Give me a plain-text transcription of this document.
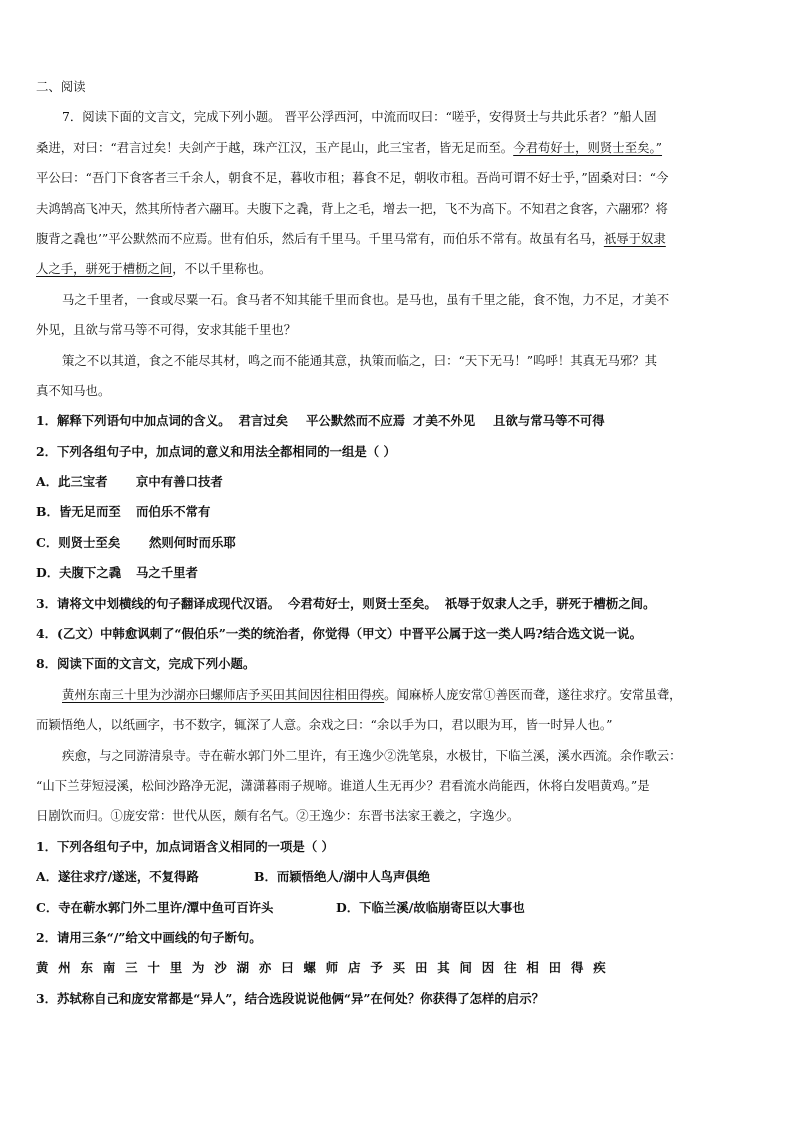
二、阅读
7．阅读下面的文言文，完成下列小题。 晋平公浮西河，中流而叹曰：“嗟乎，安得贤士与共此乐者？”船人固
桑进，对曰：“君言过矣！夫剑产于越，珠产江汉，玉产昆山，此三宝者，皆无足而至。今君苟好士，则贤士至矣。”
平公曰：“吾门下食客者三千余人，朝食不足，暮收市租；暮食不足，朝收市租。吾尚可谓不好士乎，”固桑对曰：“今
夫鸿鹄高飞冲天，然其所恃者六翮耳。夫腹下之毳，背上之毛，增去一把，飞不为高下。不知君之食客，六翮邪？将
腹背之毳也’”平公默然而不应焉。世有伯乐，然后有千里马。千里马常有，而伯乐不常有。故虽有名马，祇辱于奴隶
人之手，骈死于槽枥之间，不以千里称也。
马之千里者，一食或尽粟一石。食马者不知其能千里而食也。是马也，虽有千里之能，食不饱，力不足，才美不
外见，且欲与常马等不可得，安求其能千里也？
策之不以其道，食之不能尽其材，鸣之而不能通其意，执策而临之，曰：“天下无马！”呜呼！其真无马邪？其
真不知马也。
1．解释下列语句中加点词的含义。 君言过矣 平公默然而不应焉 才美不外见 且欲与常马等不可得
2．下列各组句子中，加点词的意义和用法全都相同的一组是（ ）
A．此三宝者 京中有善口技者
B．皆无足而至 而伯乐不常有
C．则贤士至矣 然则何时而乐耶
D．夫腹下之毳 马之千里者
3．请将文中划横线的句子翻译成现代汉语。 今君苟好士，则贤士至矣。 祇辱于奴隶人之手，骈死于槽枥之间。
4．(乙文）中韩愈讽刺了“假伯乐”一类的统治者，你觉得（甲文）中晋平公属于这一类人吗?结合选文说一说。
8．阅读下面的文言文，完成下列小题。
黄州东南三十里为沙湖亦曰螺师店予买田其间因往相田得疾。闻麻桥人庞安常①善医而聋，遂往求疗。安常虽聋，
而颖悟绝人，以纸画字，书不数字，辄深了人意。余戏之曰：“余以手为口，君以眼为耳，皆一时异人也。”
疾愈，与之同游清泉寺。寺在蕲水郭门外二里许，有王逸少②洗笔泉，水极甘，下临兰溪，溪水西流。余作歌云：
“山下兰芽短浸溪，松间沙路净无泥，潇潇暮雨子规啼。谁道人生无再少？君看流水尚能西，休将白发唱黄鸡。”是
日剧饮而归。①庞安常：世代从医，颇有名气。②王逸少：东晋书法家王羲之，字逸少。
1．下列各组句子中，加点词语含义相同的一项是（ ）
A．遂往求疗/遂迷，不复得路	B．而颖悟绝人/湖中人鸟声俱绝
C．寺在蕲水郭门外二里许/潭中鱼可百许头	D．下临兰溪/故临崩寄臣以大事也
2．请用三条“/”给文中画线的句子断句。
黄州东南三十里为沙湖亦曰螺师店予买田其间因往相田得疾
3．苏轼称自己和庞安常都是“异人”，结合选段说说他俩“异”在何处？你获得了怎样的启示？
